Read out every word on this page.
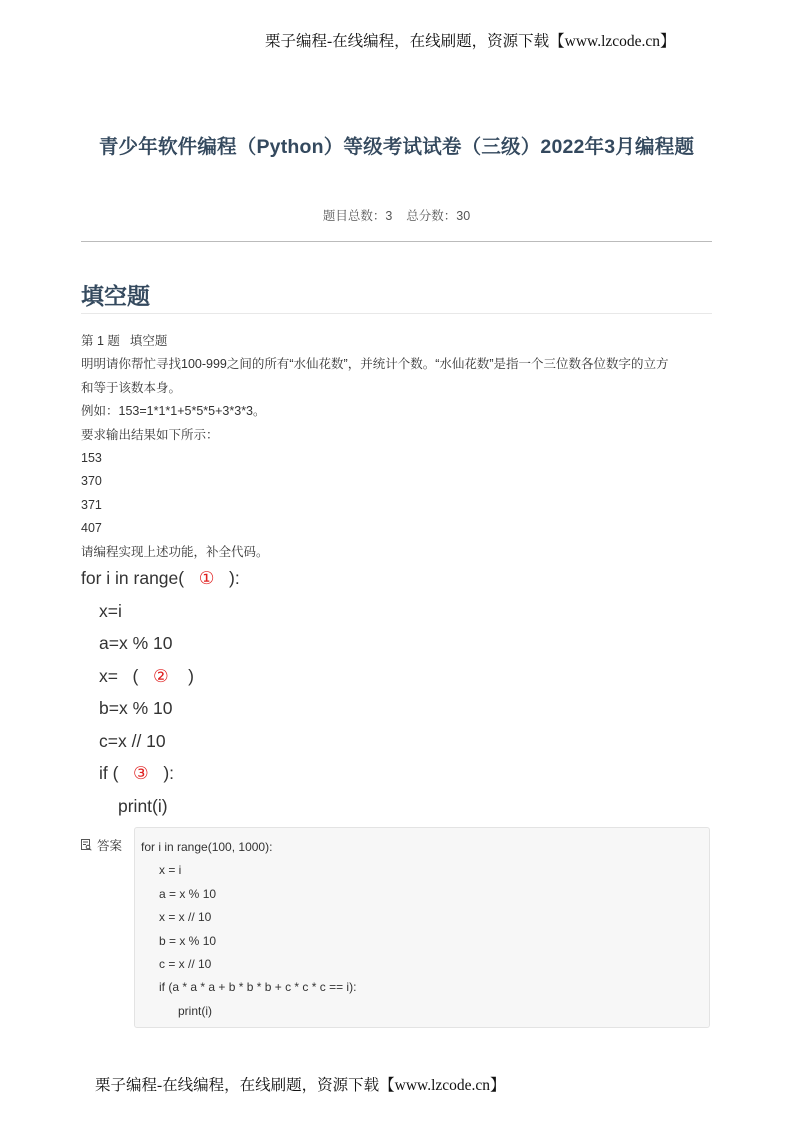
栗子编程-在线编程，在线刷题，资源下载【www.lzcode.cn】
青少年软件编程（Python）等级考试试卷（三级）2022年3月编程题
题目总数：3 总分数：30
填空题

第 1 题 填空题

明明请你帮忙寻找100-999之间的所有“水仙花数”，并统计个数。“水仙花数”是指一个三位数各位数字的立方

和等于该数本身。

例如：153=1*1*1+5*5*5+3*3*3。

要求输出结果如下所示：

153

370

371

407

请编程实现上述功能，补全代码。

for i in range(   ①   ):
x=i
a=x % 10
x=   (   ②    )
b=x % 10
c=x // 10
if (   ③   ):
print(i)
答案 for i in range(100, 1000):
x = i
a = x % 10
x = x // 10
b = x % 10
c = x // 10
if (a * a * a + b * b * b + c * c * c == i):
print(i)
栗子编程-在线编程，在线刷题，资源下载【www.lzcode.cn】
